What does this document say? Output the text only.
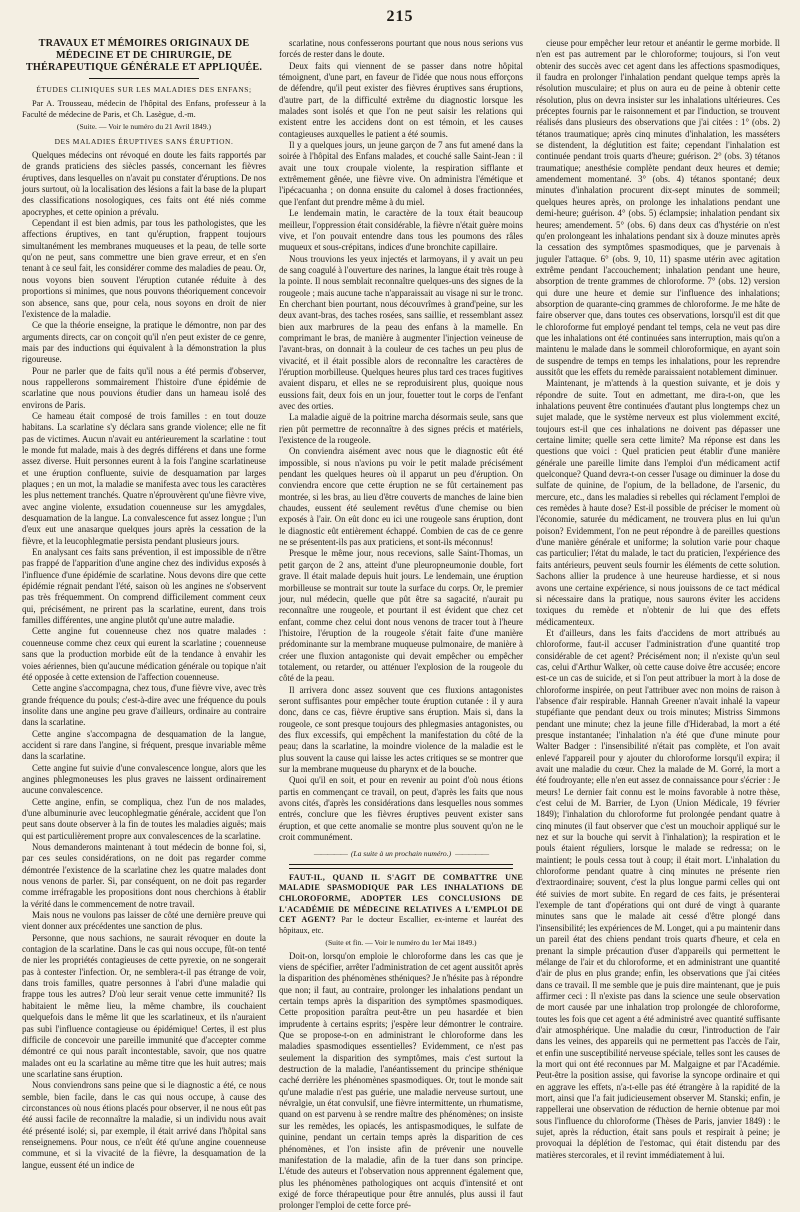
215
TRAVAUX ET MÉMOIRES ORIGINAUX DE MÉDECINE ET DE CHIRURGIE, DE THÉRAPEUTIQUE GÉNÉRALE ET APPLIQUÉE.
ÉTUDES CLINIQUES SUR LES MALADIES DES ENFANS;

Par A. Trousseau, médecin de l'hôpital des Enfans, professeur à la Faculté de médecine de Paris, et Ch. Lasègue, d.-m.

(Suite. — Voir le numéro du 21 Avril 1849.)
DES MALADIES ÉRUPTIVES SANS ÉRUPTION.

Quelques médecins ont révoqué en doute les faits rapportés par de grands praticiens des siècles passés, concernant les fièvres éruptives, dans lesquelles on n'avait pu constater d'éruptions. De nos jours surtout, où la localisation des lésions a fait la base de la plupart des classifications nosologiques, ces faits ont été niés comme apocryphes, et cette opinion a prévalu.

Cependant il est bien admis, par tous les pathologistes, que les affections éruptives, en tant qu'éruption, frappent toujours simultanément les membranes muqueuses et la peau, de telle sorte qu'on ne peut, sans commettre une bien grave erreur, et en s'en tenant à ce seul fait, les considérer comme des maladies de peau. Or, nous voyons bien souvent l'éruption cutanée réduite à des proportions si minimes, que nous pouvons théoriquement concevoir son absence, sans que, pour cela, nous soyons en droit de nier l'existence de la maladie.

Ce que la théorie enseigne, la pratique le démontre, non par des arguments directs, car on conçoit qu'il n'en peut exister de ce genre, mais par des inductions qui équivalent à la démonstration la plus rigoureuse.

Pour ne parler que de faits qu'il nous a été permis d'observer, nous rappellerons sommairement l'histoire d'une épidémie de scarlatine que nous pouvions étudier dans un hameau isolé des environs de Paris.

Ce hameau était composé de trois familles : en tout douze habitans. La scarlatine s'y déclara sans grande violence; elle ne fit pas de victimes. Aucun n'avait eu antérieurement la scarlatine : tout le monde fut malade, mais à des degrés différens et dans une forme assez diverse. Huit personnes eurent à la fois l'angine scarlatineuse et une éruption confluente, suivie de desquamation par larges plaques ; en un mot, la maladie se manifesta avec tous les caractères les plus nettement tranchés. Quatre n'éprouvèrent qu'une fièvre vive, avec angine violente, exsudation couenneuse sur les amygdales, desquamation de la langue. La convalescence fut assez longue ; l'un d'eux eut une anasarque quelques jours après la cessation de la fièvre, et la leucophlegmatie persista pendant plusieurs jours.

En analysant ces faits sans prévention, il est impossible de n'être pas frappé de l'apparition d'une angine chez des individus exposés à l'influence d'une épidémie de scarlatine. Nous devons dire que cette épidémie régnait pendant l'été, saison où les angines ne s'observent pas très fréquemment. On comprend difficilement comment ceux qui, précisément, ne prirent pas la scarlatine, eurent, dans trois familles différentes, une angine plutôt qu'une autre maladie.

Cette angine fut couenneuse chez nos quatre malades : couenneuse comme chez ceux qui eurent la scarlatine ; couenneuse sans que la production morbide eût de la tendance à envahir les voies aériennes, bien qu'aucune médication générale ou topique n'ait été opposée à cette extension de l'affection couenneuse.

Cette angine s'accompagna, chez tous, d'une fièvre vive, avec très grande fréquence du pouls; c'est-à-dire avec une fréquence du pouls insolite dans une angine peu grave d'ailleurs, ordinaire au contraire dans la scarlatine.

Cette angine s'accompagna de desquamation de la langue, accident si rare dans l'angine, si fréquent, presque invariable même dans la scarlatine.

Cette angine fut suivie d'une convalescence longue, alors que les angines phlegmoneuses les plus graves ne laissent ordinairement aucune convalescence.

Cette angine, enfin, se compliqua, chez l'un de nos malades, d'une albuminurie avec leucophlegmatie générale, accident que l'on peut sans doute observer à la fin de toutes les maladies aiguës; mais qui est particulièrement propre aux convalescences de la scarlatine.

Nous demanderons maintenant à tout médecin de bonne foi, si, par ces seules considérations, on ne doit pas regarder comme démontrée l'existence de la scarlatine chez les quatre malades dont nous venons de parler. Si, par conséquent, on ne doit pas regarder comme irréfragable les propositions dont nous cherchions à établir la vérité dans le commencement de notre travail.

Mais nous ne voulons pas laisser de côté une dernière preuve qui vient donner aux précédentes une sanction de plus.

Personne, que nous sachions, ne saurait révoquer en doute la contagion de la scarlatine. Dans le cas qui nous occupe, fût-on tenté de nier les propriétés contagieuses de cette pyrexie, on ne songerait pas à contester l'infection. Or, ne semblera-t-il pas étrange de voir, dans trois familles, quatre personnes à l'abri d'une maladie qui frappe tous les autres? D'où leur serait venue cette immunité? Ils habitaient le même lieu, la même chambre, ils couchaient quelquefois dans le même lit que les scarlatineux, et ils n'auraient pas subi l'influence contagieuse ou épidémique! Certes, il est plus difficile de concevoir une pareille immunité que d'accepter comme démontré ce qui nous paraît incontestable, savoir, que nos quatre malades ont eu la scarlatine au même titre que les huit autres; mais une scarlatine sans éruption.

Nous conviendrons sans peine que si le diagnostic a été, ce nous semble, bien facile, dans le cas qui nous occupe, à cause des circonstances où nous étions placés pour observer, il ne nous eût pas été aussi facile de reconnaître la maladie, si un individu nous avait été présenté isolé; si, par exemple, il était arrivé dans l'hôpital sans renseignemens. Pour nous, ce n'eût été qu'une angine couenneuse commune, et si la vivacité de la fièvre, la desquamation de la langue, eussent été un indice de

scarlatine, nous confesserons pourtant que nous nous serions vus forcés de rester dans le doute.

Deux faits qui viennent de se passer dans notre hôpital témoignent, d'une part, en faveur de l'idée que nous nous efforçons de défendre, qu'il peut exister des fièvres éruptives sans éruptions, d'autre part, de la difficulté extrême du diagnostic lorsque les malades sont isolés et que l'on ne peut saisir les relations qui existent entre les accidens dont on est témoin, et les causes contagieuses auxquelles le patient a été soumis.

Il y a quelques jours, un jeune garçon de 7 ans fut amené dans la soirée à l'hôpital des Enfans malades, et couché salle Saint-Jean : il avait une toux croupale violente, la respiration sifflante et extrêmement gênée, une fièvre vive. On administra l'émétique et l'ipécacuanha ; on donna ensuite du calomel à doses fractionnées, que l'enfant dut prendre même à du miel.

Le lendemain matin, le caractère de la toux était beaucoup meilleur, l'oppression était considérable, la fièvre n'était guère moins vive, et l'on pouvait entendre dans tous les poumons des râles muqueux et sous-crépitans, indices d'une bronchite capillaire.

Nous trouvions les yeux injectés et larmoyans, il y avait un peu de sang coagulé à l'ouverture des narines, la langue était très rouge à la pointe. Il nous semblait reconnaître quelques-uns des signes de la rougeole ; mais aucune tache n'apparaissait au visage ni sur le tronc. En cherchant bien pourtant, nous découvrîmes à grand'peine, sur les deux avant-bras, des taches rosées, sans saillie, et ressemblant assez bien aux marbrures de la peau des enfans à la mamelle. En comprimant le bras, de manière à augmenter l'injection veineuse de l'avant-bras, on donnait à la couleur de ces taches un peu plus de vivacité, et il était possible alors de reconnaître les caractères de l'éruption morbilleuse. Quelques heures plus tard ces traces fugitives avaient disparu, et elles ne se reproduisirent plus, quoique nous eussions fait, deux fois en un jour, fouetter tout le corps de l'enfant avec des orties.

La maladie aiguë de la poitrine marcha désormais seule, sans que rien pût permettre de reconnaître à des signes précis et matériels, l'existence de la rougeole.

On conviendra aisément avec nous que le diagnostic eût été impossible, si nous n'avions pu voir le petit malade précisément pendant les quelques heures où il apparut un peu d'éruption. On conviendra encore que cette éruption ne se fût certainement pas montrée, si les bras, au lieu d'être couverts de manches de laine bien chaudes, eussent été seulement revêtus d'une chemise ou bien exposés à l'air. On eût donc eu ici une rougeole sans éruption, dont le diagnostic eût entièrement échappé. Combien de cas de ce genre ne se présentent-ils pas aux praticiens, et sont-ils méconnus!

Presque le même jour, nous recevions, salle Saint-Thomas, un petit garçon de 2 ans, atteint d'une pleuropneumonie double, fort grave. Il était malade depuis huit jours. Le lendemain, une éruption morbilleuse se montrait sur toute la surface du corps. Or, le premier jour, nul médecin, quelle que pût être sa sagacité, n'aurait pu reconnaître une rougeole, et pourtant il est évident que chez cet enfant, comme chez celui dont nous venons de tracer tout à l'heure l'histoire, l'éruption de la rougeole s'était faite d'une manière prédominante sur la membrane muqueuse pulmonaire, de manière à créer une fluxion antagoniste qui devait empêcher ou empêcher totalement, ou retarder, ou atténuer l'explosion de la rougeole du côté de la peau.

Il arrivera donc assez souvent que ces fluxions antagonistes seront suffisantes pour empêcher toute éruption cutanée : il y aura donc, dans ce cas, fièvre éruptive sans éruption. Mais si, dans la rougeole, ce sont presque toujours des phlegmasies antagonistes, ou des flux excessifs, qui empêchent la manifestation du côté de la peau; dans la scarlatine, la moindre violence de la maladie est le plus souvent la cause qui laisse les actes critiques se se montrer que sur la membrane muqueuse du pharynx et de la bouche.

Quoi qu'il en soit, et pour en revenir au point d'où nous étions partis en commençant ce travail, on peut, d'après les faits que nous avons cités, d'après les considérations dans lesquelles nous sommes entrés, conclure que les fièvres éruptives peuvent exister sans éruption, et que cette anomalie se montre plus souvent qu'on ne le croit communément.

————— (La suite à un prochain numéro.) —————

FAUT-IL, QUAND IL S'AGIT DE COMBATTRE UNE MALADIE SPASMODIQUE PAR LES INHALATIONS DE CHLOROFORME, ADOPTER LES CONCLUSIONS DE L'ACADÉMIE DE MÉDECINE RELATIVES A L'EMPLOI DE CET AGENT? Par le docteur Escallier, ex-interne et lauréat des hôpitaux, etc.

(Suite et fin. — Voir le numéro du 1er Mai 1849.)

Doit-on, lorsqu'on emploie le chloroforme dans les cas que je viens de spécifier, arrêter l'administration de cet agent aussitôt après la disparition des phénomènes sthéniques? Je n'hésite pas à répondre que non; il faut, au contraire, prolonger les inhalations pendant un certain temps après la disparition des symptômes spasmodiques. Cette proposition paraîtra peut-être un peu hasardée et bien imprudente à certains esprits; j'espère leur démontrer le contraire. Que se propose-t-on en administrant le chloroforme dans les maladies spasmodiques essentielles? Evidemment, ce n'est pas seulement la disparition des symptômes, mais c'est surtout la destruction de la maladie, l'anéantissement du principe sthénique caché derrière les phénomènes spasmodiques. Or, tout le monde sait qu'une maladie n'est pas guérie, une maladie nerveuse surtout, une névralgie, un état convulsif, une fièvre intermittente, un rhumatisme, quand on est parvenu à se rendre maître des phénomènes; on insiste sur les remèdes, les opiacés, les antispasmodiques, le sulfate de quinine, pendant un certain temps après la disparition de ces phénomènes, et l'on insiste afin de prévenir une nouvelle manifestation de la maladie, afin de la tuer dans son principe. L'étude des auteurs et l'observation nous apprennent également que, plus les phénomènes pathologiques ont acquis d'intensité et ont exigé de force thérapeutique pour être annulés, plus aussi il faut prolonger l'emploi de cette force pré-

cieuse pour empêcher leur retour et anéantir le germe morbide. Il n'en est pas autrement par le chloroforme; toujours, si l'on veut obtenir des succès avec cet agent dans les affections spasmodiques, il faudra en prolonger l'inhalation pendant quelque temps après la résolution musculaire; et plus on aura eu de peine à obtenir cette résolution, plus on devra insister sur les inhalations ultérieures. Ces préceptes fournis par le raisonnement et par l'induction, se trouvent réalisés dans plusieurs des observations que j'ai citées : 1° (obs. 2) tétanos traumatique; après cinq minutes d'inhalation, les masséters se distendent, la déglutition est faite; cependant l'inhalation est continuée pendant trois quarts d'heure; guérison. 2° (obs. 3) tétanos traumatique; anesthésie complète pendant deux heures et demie; amendement momentané. 3° (obs. 4) tétanos spontané; deux minutes d'inhalation procurent dix-sept minutes de sommeil; quelques heures après, on prolonge les inhalations pendant une demi-heure; guérison. 4° (obs. 5) éclampsie; inhalation pendant six heures; amendement. 5° (obs. 6) dans deux cas d'hystérie on n'est qu'en prolongeant les inhalations pendant six à douze minutes après la cessation des symptômes spasmodiques, que je parvenais à juguler l'attaque. 6° (obs. 9, 10, 11) spasme utérin avec agitation extrême pendant l'accouchement; inhalation pendant une heure, absorption de trente grammes de chloroforme. 7° (obs. 12) version qui dure une heure et demie sur l'influence des inhalations; absorption de quarante-cinq grammes de chloroforme. Je me hâte de faire observer que, dans toutes ces observations, lorsqu'il est dit que le chloroforme fut employé pendant tel temps, cela ne veut pas dire que les inhalations ont été continuées sans interruption, mais qu'on a maintenu le malade dans le sommeil chloroformique, en ayant soin de suspendre de temps en temps les inhalations, pour les reprendre aussitôt que les effets du remède paraissaient notablement diminuer.

Maintenant, je m'attends à la question suivante, et je dois y répondre de suite. Tout en admettant, me dira-t-on, que les inhalations peuvent être continuées d'autant plus longtemps chez un sujet malade, que le système nerveux est plus violemment excité, toujours est-il que ces inhalations ne doivent pas dépasser une certaine limite; quelle sera cette limite? Ma réponse est dans les questions que voici : Quel praticien peut établir d'une manière générale une pareille limite dans l'emploi d'un médicament actif quelconque? Quand devra-t-on cesser l'usage ou diminuer la dose du sulfate de quinine, de l'opium, de la belladone, de l'arsenic, du mercure, etc., dans les maladies si rebelles qui réclament l'emploi de ces remèdes à haute dose? Est-il possible de préciser le moment où l'économie, saturée du médicament, ne trouvera plus en lui qu'un poison? Evidemment, l'on ne peut répondre à de pareilles questions d'une manière générale et uniforme; la solution varie pour chaque cas particulier; l'état du malade, le tact du praticien, l'expérience des faits antérieurs, peuvent seuls fournir les éléments de cette solution. Sachons allier la prudence à une heureuse hardiesse, et si nous avons une certaine expérience, si nous jouissons de ce tact médical si nécessaire dans la pratique, nous saurons éviter les accidens toxiques du remède et n'obtenir de lui que des effets médicamenteux.

Et d'ailleurs, dans les faits d'accidens de mort attribués au chloroforme, faut-il accuser l'administration d'une quantité trop considérable de cet agent? Précisément non; il n'existe qu'un seul cas, celui d'Arthur Walker, où cette cause doive être accusée; encore est-ce un cas de suicide, et si l'on peut attribuer la mort à la dose de chloroforme inspirée, on peut l'attribuer avec non moins de raison à l'absence d'air respirable. Hannah Greener n'avait inhalé la vapeur stupéfiante que pendant deux ou trois minutes; Mistriss Simmons pendant une minute; chez la jeune fille d'Hiderabad, la mort a été presque instantanée; l'inhalation n'a été que d'une minute pour Walter Badger : l'insensibilité n'était pas complète, et l'on avait enlevé l'appareil pour y ajouter du chloroforme lorsqu'il expira; il avait une maladie du cœur. Chez la malade de M. Gorré, la mort a été foudroyante; elle n'en eut assez de connaissance pour s'écrier : Je meurs! Le dernier fait connu est le moins favorable à notre thèse, c'est celui de M. Barrier, de Lyon (Union Médicale, 19 février 1849); l'inhalation du chloroforme fut prolongée pendant quatre à cinq minutes (il faut observer que c'est un mouchoir appliqué sur le nez et sur la bouche qui servit à l'inhalation); la respiration et le pouls étaient réguliers, lorsque le malade se redressa; on le maintient; le pouls cessa tout à coup; il était mort. L'inhalation du chloroforme pendant quatre à cinq minutes ne présente rien d'extraordinaire; souvent, c'est la plus longue parmi celles qui ont été suivies de mort subite. En regard de ces faits, je présenterai l'exemple de tant d'opérations qui ont duré de vingt à quarante minutes sans que le malade ait cessé d'être plongé dans l'insensibilité; les expériences de M. Longet, qui a pu maintenir dans un pareil état des chiens pendant trois quarts d'heure, et cela en prenant la simple précaution d'user d'appareils qui permettent le mélange de l'air et du chloroforme, et en administrant une quantité d'air de plus en plus grande; enfin, les observations que j'ai citées dans ce travail. Il me semble que je puis dire maintenant, que je puis affirmer ceci : Il n'existe pas dans la science une seule observation de mort causée par une inhalation trop prolongée de chloroforme, toutes les fois que cet agent a été administré avec quantité suffisante d'air atmosphérique. Une maladie du cœur, l'introduction de l'air dans les veines, des appareils qui ne permettent pas l'accès de l'air, et enfin une susceptibilité nerveuse spéciale, telles sont les causes de la mort qui ont été reconnues par M. Malgaigne et par l'Académie. Peut-être la position assise, qui favorise la syncope ordinaire et qui en aggrave les effets, n'a-t-elle pas été étrangère à la rapidité de la mort, ainsi que l'a fait judicieusement observer M. Stanski; enfin, je rappellerai une observation de réduction de hernie obtenue par moi sous l'influence du chloroforme (Thèses de Paris, janvier 1849) : le sujet, après la réduction, était sans pouls et respirait à peine; je provoquai la déplétion de l'estomac, qui était distendu par des matières stercorales, et il revint immédiatement à lui.
